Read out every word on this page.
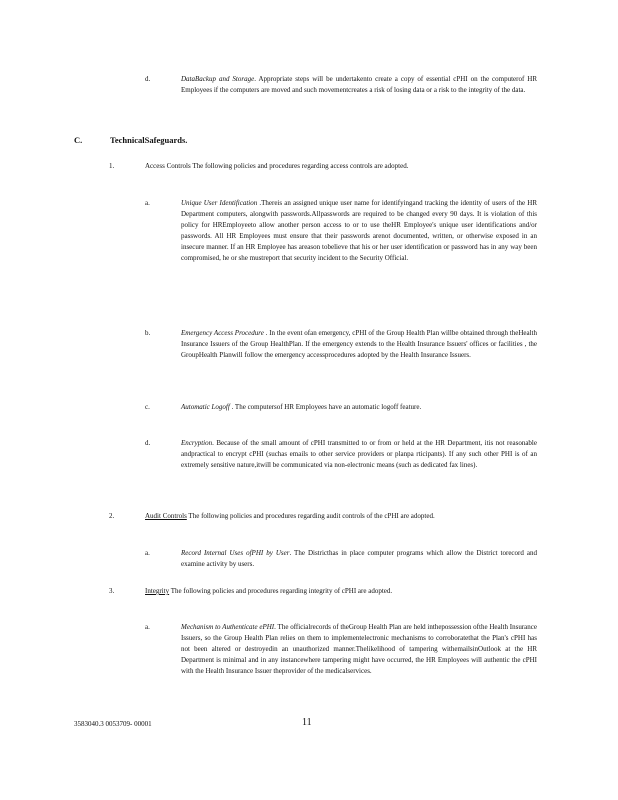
d.	DataBackup and Storage. Appropriate steps will be undertakento create a copy of essential cPHI on the computerof HR Employees if the computers are moved and such movementcreates a risk of losing data or a risk to the integrity of the data.
C.	TechnicalSafeguards.
1.	Access Controls The following policies and procedures regarding access controls are adopted.
a.	Unique User Identification .Thereis an assigned unique user name for identifyingand tracking the identity of users of the HR Department computers, alongwith passwords.Allpasswords are required to be changed every 90 days. It is violation of this policy for HREmployeeto allow another person access to or to use theHR Employee's unique user identifications and/or passwords. All HR Employees must ensure that their passwords arenot documented, written, or otherwise exposed in an insecure manner. If an HR Employee has areason tobelieve that his or her user identification or password has in any way been compromised, he or she mustreport that security incident to the Security Official.
b.	Emergency Access Procedure . In the event ofan emergency, cPHI of the Group Health Plan willbe obtained through theHealth Insurance Issuers of the Group HealthPlan. If the emergency extends to the Health Insurance Issuers' offices or facilities , the GroupHealth Planwill follow the emergency accessprocedures adopted by the Health Insurance Issuers.
c.	Automatic Logoff . The computersof HR Employees have an automatic logoff feature.
d.	Encryption. Because of the small amount of cPHI transmitted to or from or held at the HR Department, itis not reasonable andpractical to encrypt cPHI (suchas emails to other service providers or planpa rticipants). If any such other PHI is of an extremely sensitive nature,itwill be communicated via non-electronic means (such as dedicated fax lines).
2.	Audit Controls The following policies and procedures regarding audit controls of the cPHI are adopted.
a.	Record Internal Uses ofPHI by User. The Districthas in place computer programs which allow the District torecord and examine activity by users.
3.	Integrity The following policies and procedures regarding integrity of cPHI are adopted.
a.	Mechanism to Authenticate ePHI. The officialrecords of theGroup Health Plan are held inthepossession ofthe Health Insurance Issuers, so the Group Health Plan relies on them to implementelectronic mechanisms to corroboratethat the Plan's cPHI has not been altered or destroyedin an unauthorized manner.Thelikelihood of tampering withemailsinOutlook at the HR Department is minimal and in any instancewhere tampering might have occurred, the HR Employees will authentic the cPHI with the Health Insurance Issuer theprovider of the medicalservices.
3583040.3 0053709- 00001	11
